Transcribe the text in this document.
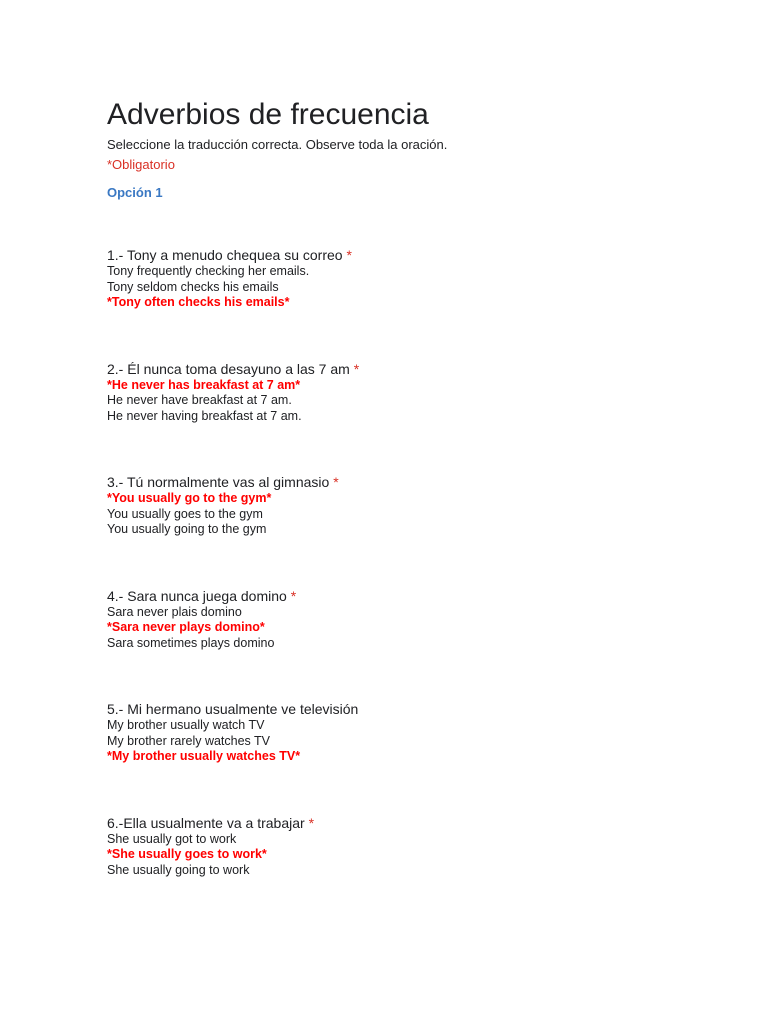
Adverbios de frecuencia
Seleccione la traducción correcta. Observe toda la oración.
*Obligatorio
Opción 1
1.- Tony a menudo chequea su correo *
Tony frequently checking her emails.
Tony seldom checks his emails
*Tony often checks his emails*
2.- Él nunca toma desayuno a las 7 am *
*He never has breakfast at 7 am*
He never have breakfast at 7 am.
He never having breakfast at 7 am.
3.- Tú normalmente vas al gimnasio *
*You usually go to the gym*
You usually goes to the gym
You usually going to the gym
4.- Sara nunca juega domino *
Sara never plais domino
*Sara never plays domino*
Sara sometimes plays domino
5.- Mi hermano usualmente ve televisión
My brother usually watch TV
My brother rarely watches TV
*My brother usually watches TV*
6.-Ella usualmente va a trabajar *
She usually got to work
*She usually goes to work*
She usually going to work
